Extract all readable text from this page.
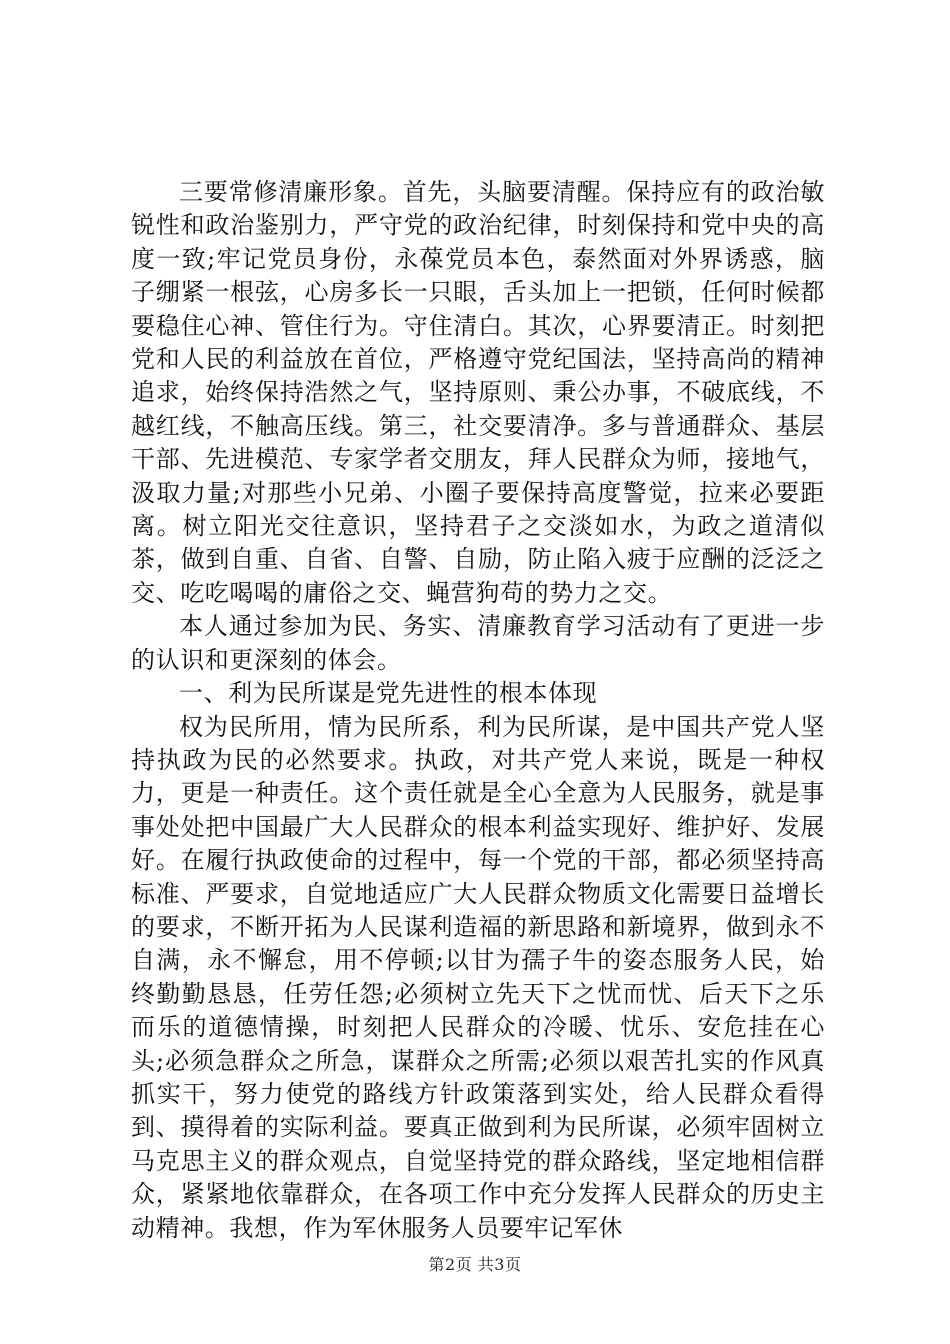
三要常修清廉形象。首先，头脑要清醒。保持应有的政治敏锐性和政治鉴别力，严守党的政治纪律，时刻保持和党中央的高度一致;牢记党员身份，永葆党员本色，泰然面对外界诱惑，脑子绷紧一根弦，心房多长一只眼，舌头加上一把锁，任何时候都要稳住心神、管住行为。守住清白。其次，心界要清正。时刻把党和人民的利益放在首位，严格遵守党纪国法，坚持高尚的精神追求，始终保持浩然之气，坚持原则、秉公办事，不破底线，不越红线，不触高压线。第三，社交要清净。多与普通群众、基层干部、先进模范、专家学者交朋友，拜人民群众为师，接地气，汲取力量;对那些小兄弟、小圈子要保持高度警觉，拉来必要距离。树立阳光交往意识，坚持君子之交淡如水，为政之道清似茶，做到自重、自省、自警、自励，防止陷入疲于应酬的泛泛之交、吃吃喝喝的庸俗之交、蝇营狗苟的势力之交。

本人通过参加为民、务实、清廉教育学习活动有了更进一步的认识和更深刻的体会。

一、利为民所谋是党先进性的根本体现

权为民所用，情为民所系，利为民所谋，是中国共产党人坚持执政为民的必然要求。执政，对共产党人来说，既是一种权力，更是一种责任。这个责任就是全心全意为人民服务，就是事事处处把中国最广大人民群众的根本利益实现好、维护好、发展好。在履行执政使命的过程中，每一个党的干部，都必须坚持高标准、严要求，自觉地适应广大人民群众物质文化需要日益增长的要求，不断开拓为人民谋利造福的新思路和新境界，做到永不自满，永不懈怠，用不停顿;以甘为孺子牛的姿态服务人民，始终勤勤恳恳，任劳任怨;必须树立先天下之忧而忧、后天下之乐而乐的道德情操，时刻把人民群众的冷暖、忧乐、安危挂在心头;必须急群众之所急，谋群众之所需;必须以艰苦扎实的作风真抓实干，努力使党的路线方针政策落到实处，给人民群众看得到、摸得着的实际利益。要真正做到利为民所谋，必须牢固树立马克思主义的群众观点，自觉坚持党的群众路线，坚定地相信群众，紧紧地依靠群众，在各项工作中充分发挥人民群众的历史主动精神。我想，作为军休服务人员要牢记军休

第2页 共3页
